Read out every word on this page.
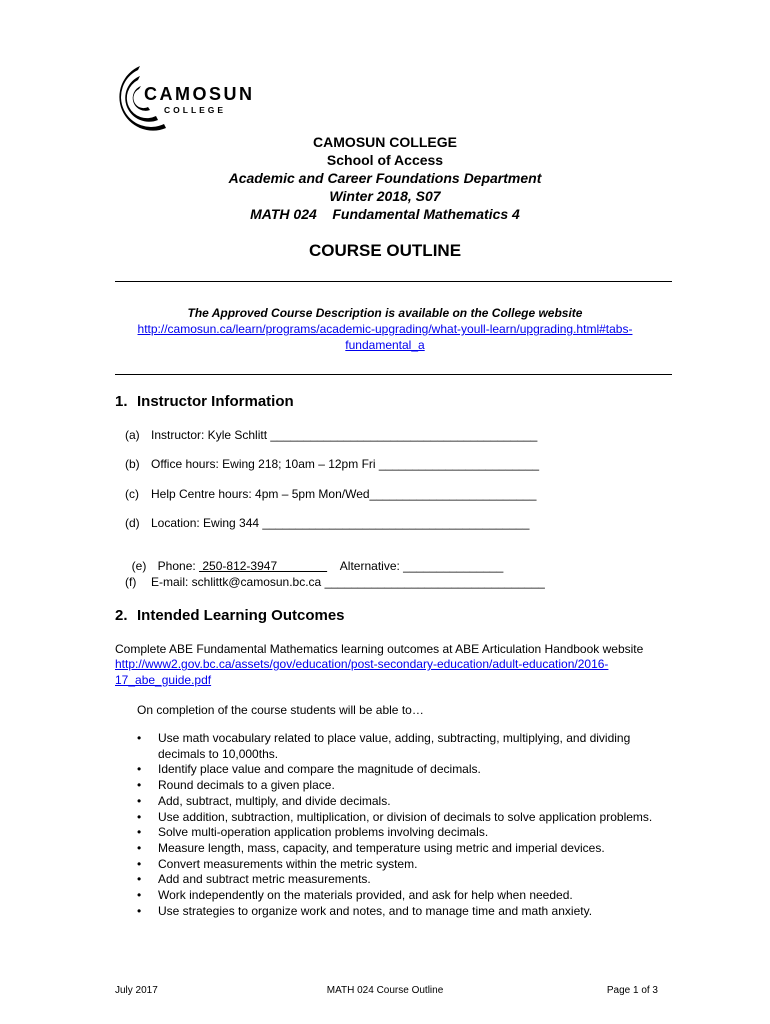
CAMOSUN
COLLEGE
CAMOSUN COLLEGE
School of Access
Academic and Career Foundations Department
Winter 2018, S07
MATH 024    Fundamental Mathematics 4
COURSE OUTLINE
The Approved Course Description is available on the College website
http://camosun.ca/learn/programs/academic-upgrading/what-youll-learn/upgrading.html#tabs-
fundamental_a
1. Instructor Information
(a) Instructor: Kyle Schlitt ________________________________________
(b) Office hours: Ewing 218; 10am – 12pm Fri ________________________
(c) Help Centre hours: 4pm – 5pm Mon/Wed_________________________
(d) Location: Ewing 344 ________________________________________

(e) Phone:  250-812-3947                   Alternative: _______________

(f) E-mail: schlittk@camosun.bc.ca _________________________________
2. Intended Learning Outcomes
Complete ABE Fundamental Mathematics learning outcomes at ABE Articulation Handbook website
http://www2.gov.bc.ca/assets/gov/education/post-secondary-education/adult-education/2016-
17_abe_guide.pdf
On completion of the course students will be able to…
• Use math vocabulary related to place value, adding, subtracting, multiplying, and dividing decimals to 10,000ths.
• Identify place value and compare the magnitude of decimals.
• Round decimals to a given place.
• Add, subtract, multiply, and divide decimals.
• Use addition, subtraction, multiplication, or division of decimals to solve application problems.
• Solve multi-operation application problems involving decimals.
• Measure length, mass, capacity, and temperature using metric and imperial devices.
• Convert measurements within the metric system.
• Add and subtract metric measurements.
• Work independently on the materials provided, and ask for help when needed.
• Use strategies to organize work and notes, and to manage time and math anxiety.
July 2017	MATH 024 Course Outline	Page 1 of 3
